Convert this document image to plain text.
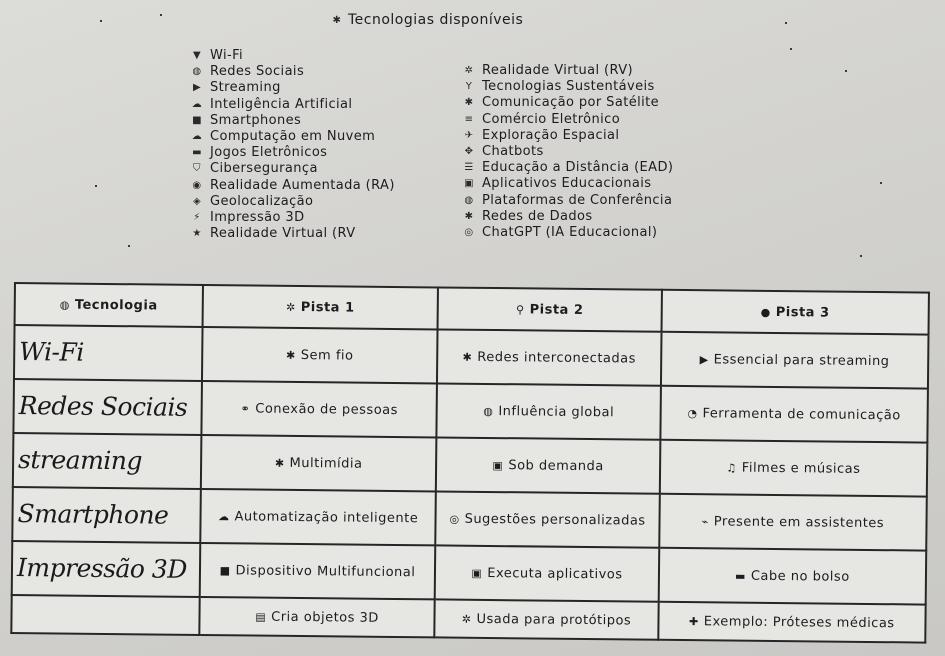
✱ Tecnologias disponíveis
▼ Wi-Fi
◍ Redes Sociais
▶ Streaming
☁ Inteligência Artificial
■ Smartphones
☁ Computação em Nuvem
▬ Jogos Eletrônicos
⛉ Cibersegurança
◉ Realidade Aumentada (RA)
◈ Geolocalização
⚡ Impressão 3D
★ Realidade Virtual (RV
✲ Realidade Virtual (RV)
Y Tecnologias Sustentáveis
✱ Comunicação por Satélite
≡ Comércio Eletrônico
✈ Exploração Espacial
✥ Chatbots
☰ Educação a Distância (EAD)
▣ Aplicativos Educacionais
◍ Plataformas de Conferência
✱ Redes de Dados
◎ ChatGPT (IA Educacional)
◍ Tecnologia	✲ Pista 1	⚲ Pista 2	● Pista 3
Wi-Fi	✱ Sem fio	✱ Redes interconectadas	▶ Essencial para streaming
Redes Sociais	⚭ Conexão de pessoas	◍ Influência global	◔ Ferramenta de comunicação
streaming	✱ Multimídia	▣ Sob demanda	♫ Filmes e músicas
Smartphone	☁ Automatização inteligente	◎ Sugestões personalizadas	⌁ Presente em assistentes
Impressão 3D	■ Dispositivo Multifuncional	▣ Executa aplicativos	▬ Cabe no bolso
	▤ Cria objetos 3D	✲ Usada para protótipos	✚ Exemplo: Próteses médicas
